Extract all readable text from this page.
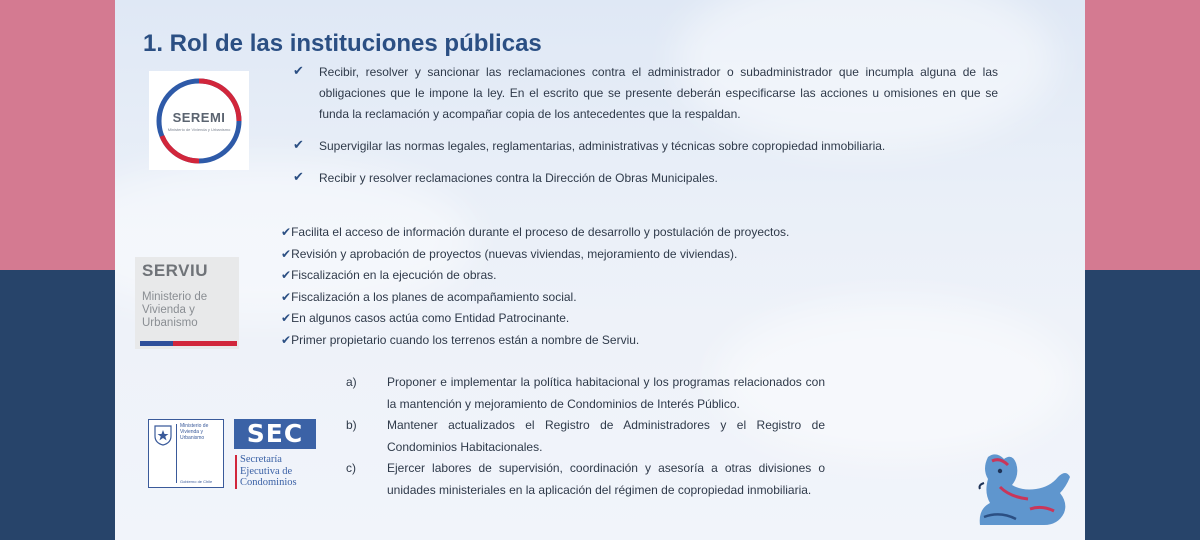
1. Rol de las instituciones públicas
SEREMI
Ministerio de Vivienda y Urbanismo
✔ Recibir, resolver y sancionar las reclamaciones contra el administrador o subadministrador que incumpla alguna de las obligaciones que le impone la ley. En el escrito que se presente deberán especificarse las acciones u omisiones en que se funda la reclamación y acompañar copia de los antecedentes que la respaldan.
✔ Supervigilar las normas legales, reglamentarias, administrativas y técnicas sobre copropiedad inmobiliaria.
✔ Recibir y resolver reclamaciones contra la Dirección de Obras Municipales.
SERVIU
Ministerio de Vivienda y Urbanismo
✔Facilita el acceso de información durante el proceso de desarrollo y postulación de proyectos.
✔Revisión y aprobación de proyectos (nuevas viviendas, mejoramiento de viviendas).
✔Fiscalización en la ejecución de obras.
✔Fiscalización a los planes de acompañamiento social.
✔En algunos casos actúa como Entidad Patrocinante.
✔Primer propietario cuando los terrenos están a nombre de Serviu.
Ministerio de Vivienda y Urbanismo
Gobierno de Chile
SEC
Secretaría
Ejecutiva de
Condominios
a)	Proponer e implementar la política habitacional y los programas relacionados con la mantención y mejoramiento de Condominios de Interés Público.
b)	Mantener actualizados el Registro de Administradores y el Registro de Condominios Habitacionales.
c)	Ejercer labores de supervisión, coordinación y asesoría a otras divisiones o unidades ministeriales en la aplicación del régimen de copropiedad inmobiliaria.
